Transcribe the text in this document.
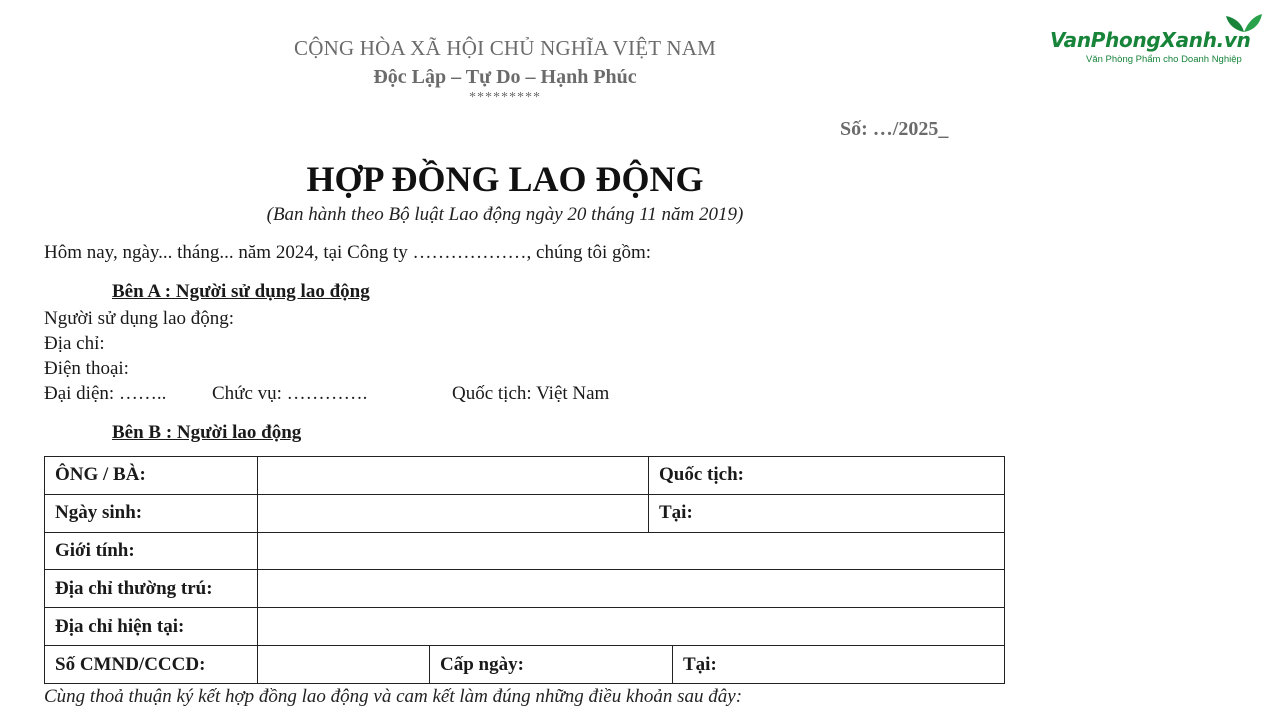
CỘNG HÒA XÃ HỘI CHỦ NGHĨA VIỆT NAM
Độc Lập – Tự Do – Hạnh Phúc
*********
Số: …/2025_
VanPhongXanh.vn
Văn Phòng Phẩm cho Doanh Nghiệp
HỢP ĐỒNG LAO ĐỘNG
(Ban hành theo Bộ luật Lao động ngày 20 tháng 11 năm 2019)
Hôm nay, ngày... tháng... năm 2024, tại Công ty ………………, chúng tôi gồm:
Bên A : Người sử dụng lao động
Người sử dụng lao động:
Địa chỉ:
Điện thoại:
Đại diện: …….. Chức vụ: ………….	Quốc tịch: Việt Nam
Bên B : Người lao động
ÔNG / BÀ:			Quốc tịch:	
Ngày sinh:			Tại:	
Giới tính:				
Địa chỉ thường trú:				
Địa chỉ hiện tại:				
Số CMND/CCCD:		Cấp ngày:		Tại:
Cùng thoả thuận ký kết hợp đồng lao động và cam kết làm đúng những điều khoản sau đây:
